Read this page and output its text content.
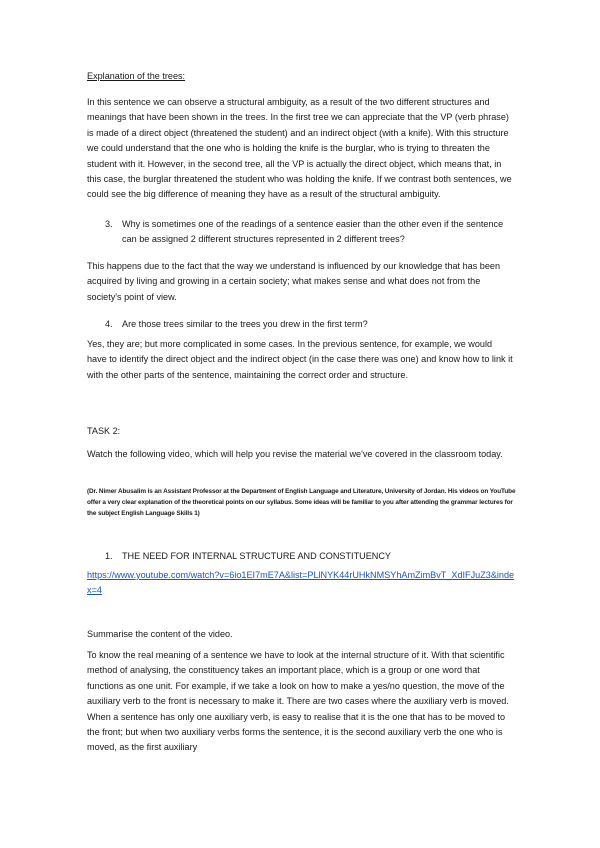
Explanation of the trees:

In this sentence we can observe a structural ambiguity, as a result of the two different structures and meanings that have been shown in the trees. In the first tree we can appreciate that the VP (verb phrase) is made of a direct object (threatened the student) and an indirect object (with a knife). With this structure we could understand that the one who is holding the knife is the burglar, who is trying to threaten the student with it. However, in the second tree, all the VP is actually the direct object, which means that, in this case, the burglar threatened the student who was holding the knife. If we contrast both sentences, we could see the big difference of meaning they have as a result of the structural ambiguity.

3. Why is sometimes one of the readings of a sentence easier than the other even if the sentence can be assigned 2 different structures represented in 2 different trees?

This happens due to the fact that the way we understand is influenced by our knowledge that has been acquired by living and growing in a certain society; what makes sense and what does not from the society's point of view.

4. Are those trees similar to the trees you drew in the first term?

Yes, they are; but more complicated in some cases. In the previous sentence, for example, we would have to identify the direct object and the indirect object (in the case there was one) and know how to link it with the other parts of the sentence, maintaining the correct order and structure.

TASK 2:

Watch the following video, which will help you revise the material we've covered in the classroom today.

(Dr. Nimer Abusalim is an Assistant Professor at the Department of English Language and Literature, University of Jordan. His videos on YouTube offer a very clear explanation of the theoretical points on our syllabus. Some ideas will be familiar to you after attending the grammar lectures for the subject English Language Skills 1)

1. THE NEED FOR INTERNAL STRUCTURE AND CONSTITUENCY
https://www.youtube.com/watch?v=6io1EI7mE7A&list=PLlNYK44rUHkNMSYhAmZimBvT_XdIFJuZ3&index=4

Summarise the content of the video.

To know the real meaning of a sentence we have to look at the internal structure of it. With that scientific method of analysing, the constituency takes an important place, which is a group or one word that functions as one unit. For example, if we take a look on how to make a yes/no question, the move of the auxiliary verb to the front is necessary to make it. There are two cases where the auxiliary verb is moved. When a sentence has only one auxiliary verb, is easy to realise that it is the one that has to be moved to the front; but when two auxiliary verbs forms the sentence, it is the second auxiliary verb the one who is moved, as the first auxiliary
